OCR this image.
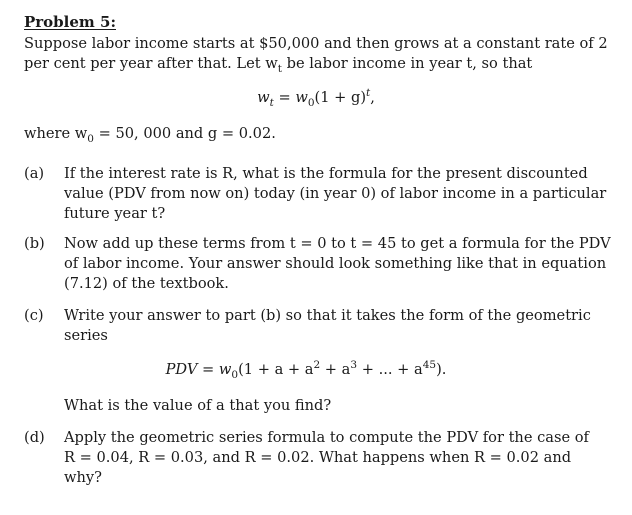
Problem 5:
Suppose labor income starts at $50,000 and then grows at a constant rate of 2
per cent per year after that. Let $w_t$ be labor income in year t, so that
$w_t = w_0(1 + g)^t$,
where $w_0 = 50$, 000 and g = 0.02.
(a) If the interest rate is R, what is the formula for the present discounted
value (PDV from now on) today (in year 0) of labor income in a particular
future year t?
(b) Now add up these terms from t = 0 to t = 45 to get a formula for the PDV
of labor income. Your answer should look something like that in equation
(7.12) of the textbook.
(c) Write your answer to part (b) so that it takes the form of the geometric
series
PDV = $w_0(1 + a + a^2 + a^3$ + ... + $a^{45}$).
What is the value of a that you find?
(d) Apply the geometric series formula to compute the PDV for the case of
R = 0.04, R = 0.03, and R = 0.02. What happens when R = 0.02 and
why?
